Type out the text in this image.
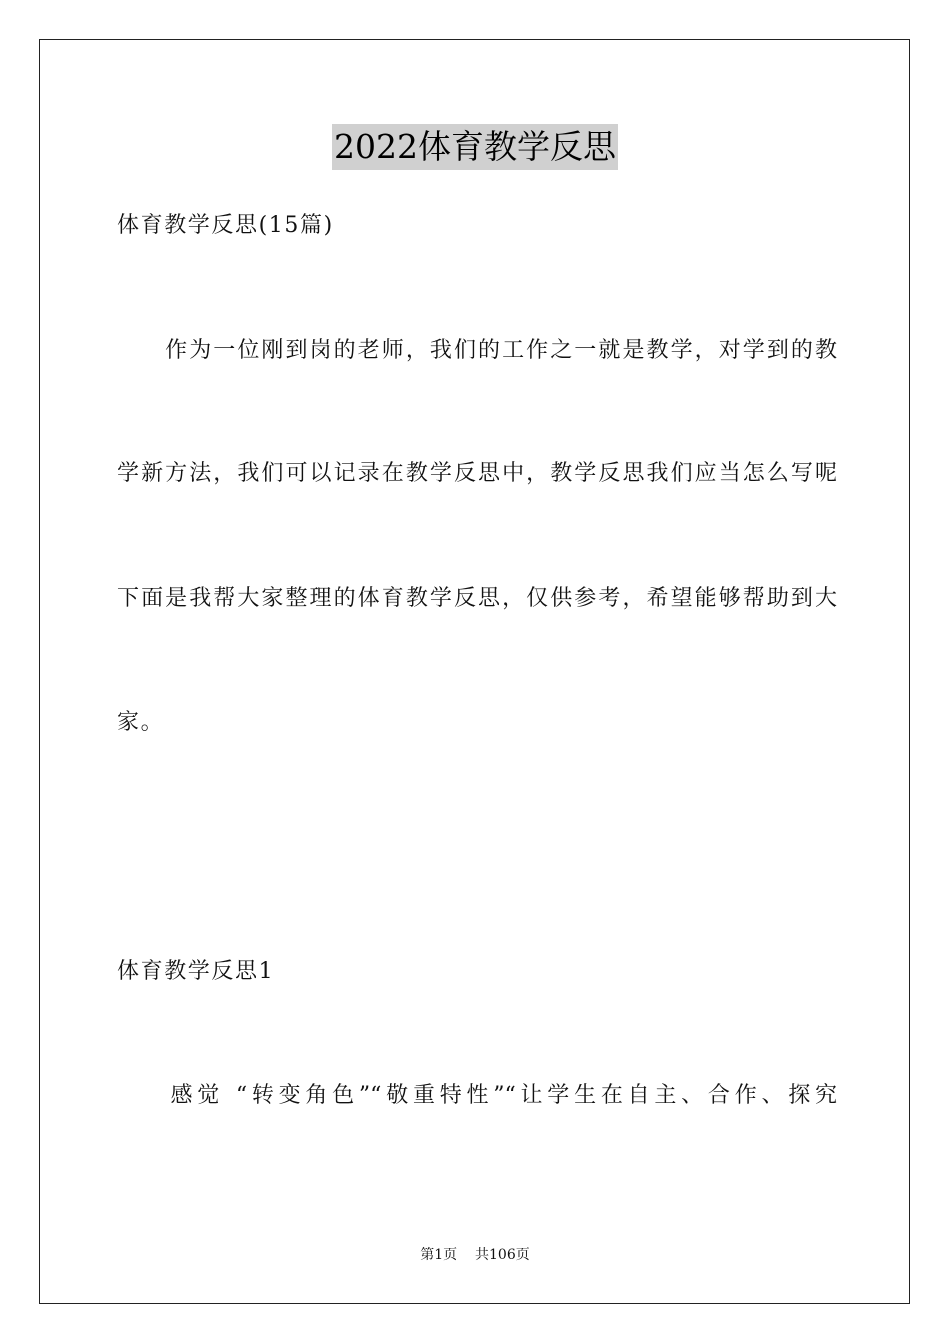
2022体育教学反思
体育教学反思(15篇)
　　作为一位刚到岗的老师，我们的工作之一就是教学，对学到的教
学新方法，我们可以记录在教学反思中，教学反思我们应当怎么写呢
下面是我帮大家整理的体育教学反思，仅供参考，希望能够帮助到大
家。
体育教学反思1
　　感觉 “转变角色”“敬重特性”“让学生在自主、合作、探究
第1页 共106页
